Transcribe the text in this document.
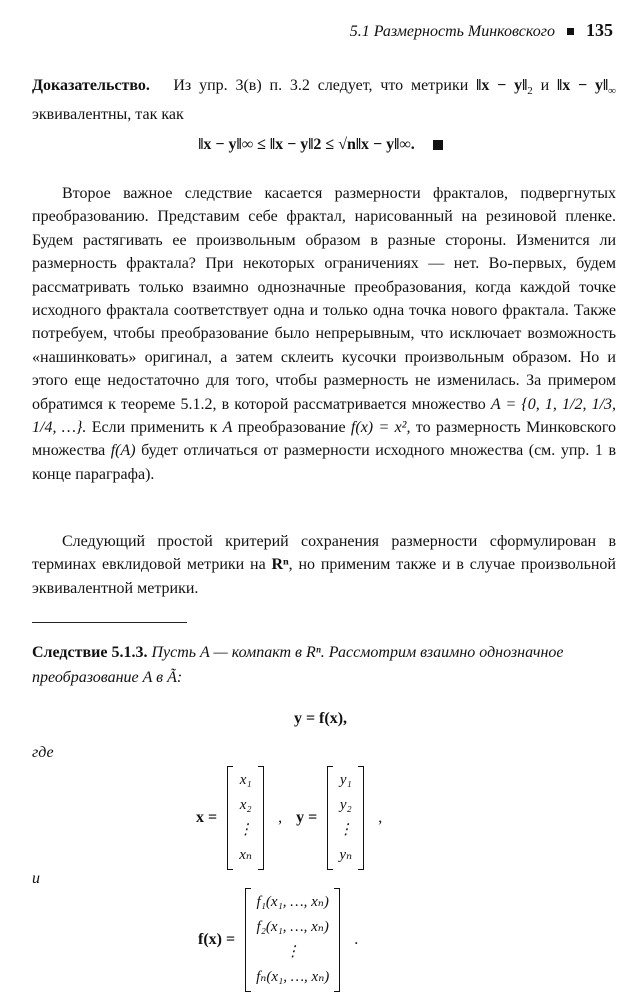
5.1 Размерность Минковского 135

Доказательство. Из упр. 3(в) п. 3.2 следует, что метрики ‖x − $y‖_2$ и ‖x − $y‖_\infty$ эквивалентны, так как

‖x − y‖∞ ≤ ‖x − y‖2 ≤ √n‖x − y‖∞.

Второе важное следствие касается размерности фракталов, подвергнутых преобразованию. Представим себе фрактал, нарисованный на резиновой пленке. Будем растягивать ее произвольным образом в разные стороны. Изменится ли размерность фрактала? При некоторых ограничениях — нет. Во-первых, будем рассматривать только взаимно однозначные преобразования, когда каждой точке исходного фрактала соответствует одна и только одна точка нового фрактала. Также потребуем, чтобы преобразование было непрерывным, что исключает возможность «нашинковать» оригинал, а затем склеить кусочки произвольным образом. Но и этого еще недостаточно для того, чтобы размерность не изменилась. За примером обратимся к теореме 5.1.2, в которой рассматривается множество A = {0, 1, 1/2, 1/3, 1/4, …}. Если применить к A преобразование f(x) = x², то размерность Минковского множества f(A) будет отличаться от размерности исходного множества (см. упр. 1 в конце параграфа).

Следующий простой критерий сохранения размерности сформулирован в терминах евклидовой метрики на Rⁿ, но применим также и в случае произвольной эквивалентной метрики.

Следствие 5.1.3. Пусть A — компакт в Rⁿ. Рассмотрим взаимно однозначное преобразование A в Ã:

y = f(x),
где
x =
x₁
x₂
⋮
xₙ
, y =
y₁
y₂
⋮
yₙ
,
и
f(x) =
f₁(x₁, …, xₙ)
f₂(x₁, …, xₙ)
⋮
fₙ(x₁, …, xₙ)
.
